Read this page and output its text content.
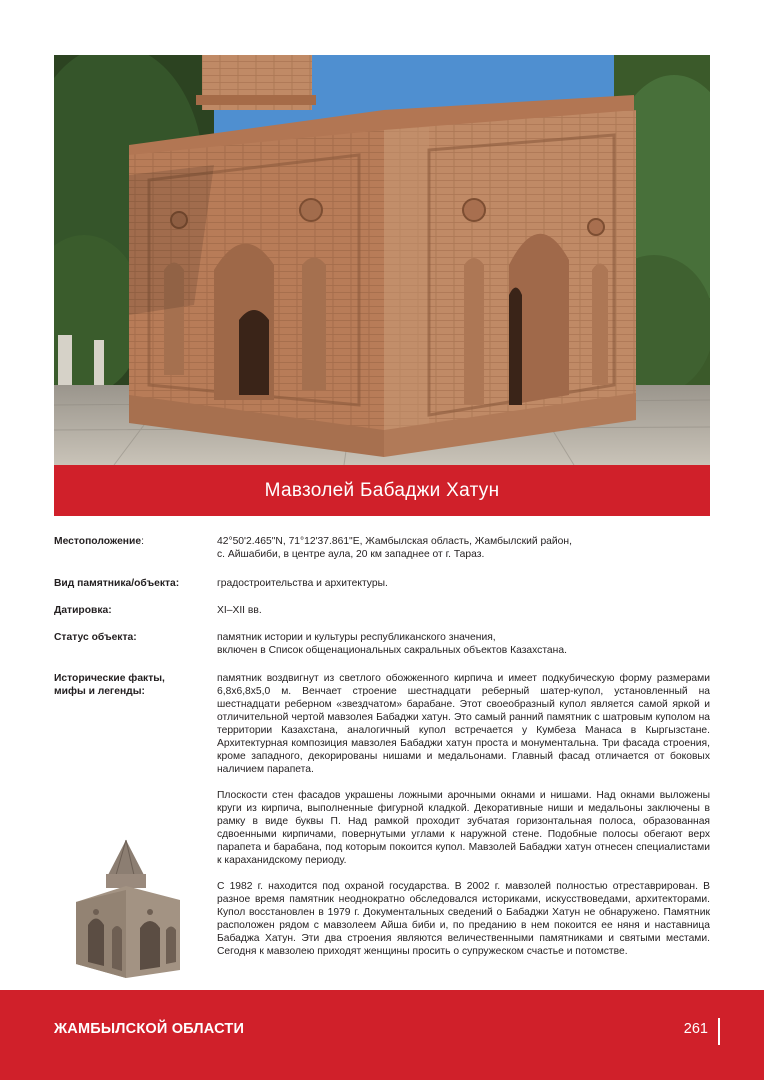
Мавзолей Бабаджи Хатун
Местоположение:	42°50'2.465"N, 71°12'37.861"E, Жамбылская область, Жамбылский район,
с. Айшабиби, в центре аула, 20 км западнее от г. Тараз.
Вид памятника/объекта:	градостроительства и архитектуры.
Датировка:	XI–XII вв.
Статус объекта:	памятник истории и культуры республиканского значения,
включен в Список общенациональных сакральных объектов Казахстана.
Исторические факты,
мифы и легенды:

памятник воздвигнут из светлого обожженного кирпича и имеет подкубическую форму размерами 6,8х6,8х5,0 м. Венчает строение шестнадцати реберный шатер-купол, установленный на шестнадцати реберном «звездчатом» барабане. Этот своеобразный купол является самой яркой и отличительной чертой мавзолея Бабаджи хатун. Это самый ранний памятник с шатровым куполом на территории Казахстана, аналогичный купол встречается у Кумбеза Манаса в Кыргызстане. Архитектурная композиция мавзолея Бабаджи хатун проста и монументальна. Три фасада строения, кроме западного, декорированы нишами и медальонами. Главный фасад отличается от боковых наличием парапета.

Плоскости стен фасадов украшены ложными арочными окнами и нишами. Над окнами выложены круги из кирпича, выполненные фигурной кладкой. Декоративные ниши и медальоны заключены в рамку в виде буквы П. Над рамкой проходит зубчатая горизонтальная полоса, образованная сдвоенными кирпичами, повернутыми углами к наружной стене. Подобные полосы обегают верх парапета и барабана, под которым покоится купол. Мавзолей Бабаджи хатун отнесен специалистами к караханидскому периоду.

С 1982 г. находится под охраной государства. В 2002 г. мавзолей полностью отреставрирован. В разное время памятник неоднократно обследовался историками, искусствоведами, архитекторами. Купол восстановлен в 1979 г. Документальных сведений о Бабаджи Хатун не обнаружено. Памятник расположен рядом с мавзолеем Айша биби и, по преданию в нем покоится ее няня и наставница Бабаджа Хатун. Эти два строения являются величественными памятниками и святыми местами. Сегодня к мавзолею приходят женщины просить о супружеском счастье и потомстве.

ЖАМБЫЛСКОЙ ОБЛАСТИ	261
